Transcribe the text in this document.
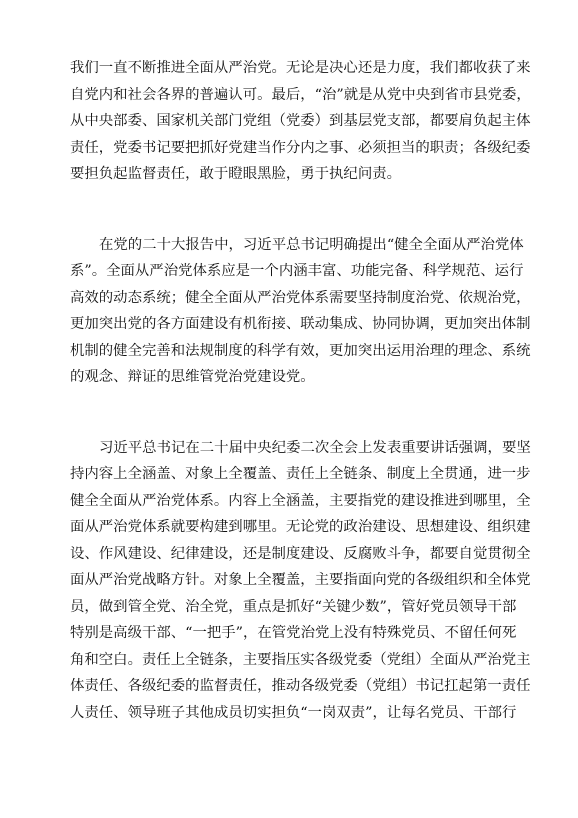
我们一直不断推进全面从严治党。无论是决心还是力度，我们都收获了来
自党内和社会各界的普遍认可。最后，“治”就是从党中央到省市县党委，
从中央部委、国家机关部门党组（党委）到基层党支部，都要肩负起主体
责任，党委书记要把抓好党建当作分内之事、必须担当的职责；各级纪委
要担负起监督责任，敢于瞪眼黑脸，勇于执纪问责。
在党的二十大报告中，习近平总书记明确提出“健全全面从严治党体
系”。全面从严治党体系应是一个内涵丰富、功能完备、科学规范、运行
高效的动态系统；健全全面从严治党体系需要坚持制度治党、依规治党，
更加突出党的各方面建设有机衔接、联动集成、协同协调，更加突出体制
机制的健全完善和法规制度的科学有效，更加突出运用治理的理念、系统
的观念、辩证的思维管党治党建设党。
习近平总书记在二十届中央纪委二次全会上发表重要讲话强调，要坚
持内容上全涵盖、对象上全覆盖、责任上全链条、制度上全贯通，进一步
健全全面从严治党体系。内容上全涵盖，主要指党的建设推进到哪里，全
面从严治党体系就要构建到哪里。无论党的政治建设、思想建设、组织建
设、作风建设、纪律建设，还是制度建设、反腐败斗争，都要自觉贯彻全
面从严治党战略方针。对象上全覆盖，主要指面向党的各级组织和全体党
员，做到管全党、治全党，重点是抓好“关键少数”，管好党员领导干部
特别是高级干部、“一把手”，在管党治党上没有特殊党员、不留任何死
角和空白。责任上全链条，主要指压实各级党委（党组）全面从严治党主
体责任、各级纪委的监督责任，推动各级党委（党组）书记扛起第一责任
人责任、领导班子其他成员切实担负“一岗双责”，让每名党员、干部行
